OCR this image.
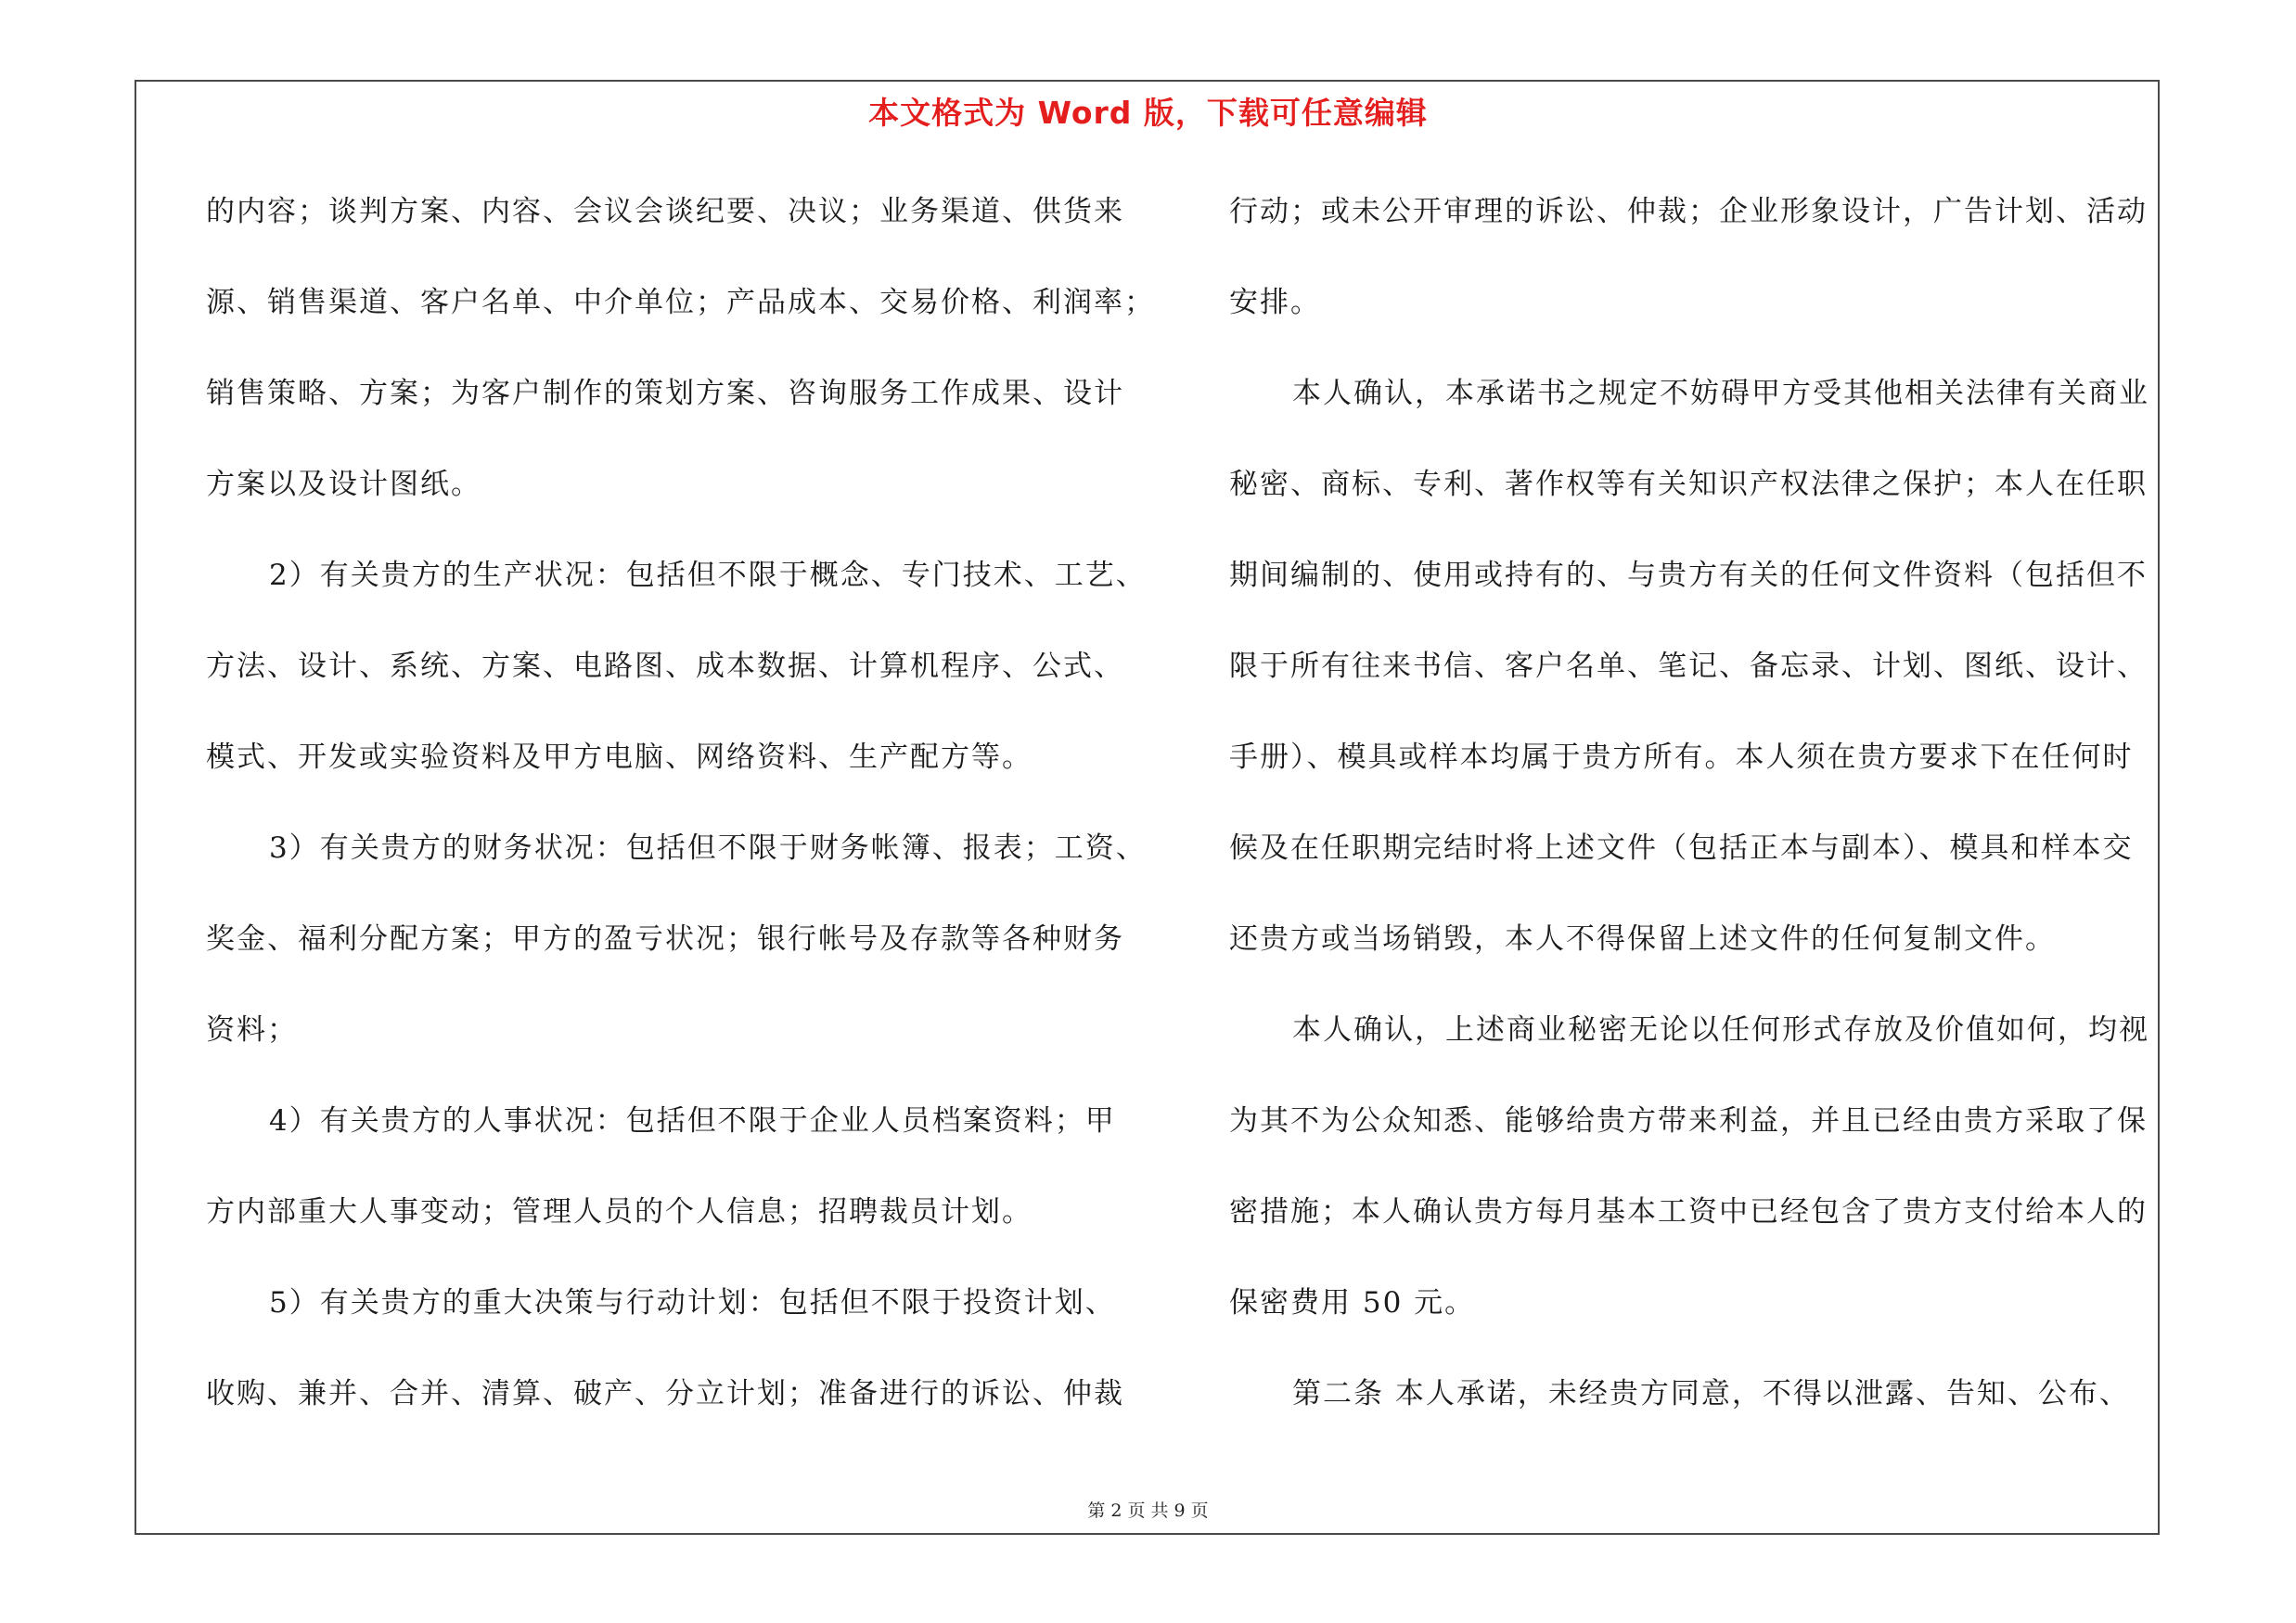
本文格式为 Word 版，下载可任意编辑
的内容；谈判方案、内容、会议会谈纪要、决议；业务渠道、供货来
源、销售渠道、客户名单、中介单位；产品成本、交易价格、利润率；
销售策略、方案；为客户制作的策划方案、咨询服务工作成果、设计
方案以及设计图纸。
2）有关贵方的生产状况：包括但不限于概念、专门技术、工艺、
方法、设计、系统、方案、电路图、成本数据、计算机程序、公式、
模式、开发或实验资料及甲方电脑、网络资料、生产配方等。
3）有关贵方的财务状况：包括但不限于财务帐簿、报表；工资、
奖金、福利分配方案；甲方的盈亏状况；银行帐号及存款等各种财务
资料；
4）有关贵方的人事状况：包括但不限于企业人员档案资料；甲
方内部重大人事变动；管理人员的个人信息；招聘裁员计划。
5）有关贵方的重大决策与行动计划：包括但不限于投资计划、
收购、兼并、合并、清算、破产、分立计划；准备进行的诉讼、仲裁
行动；或未公开审理的诉讼、仲裁；企业形象设计，广告计划、活动
安排。
本人确认，本承诺书之规定不妨碍甲方受其他相关法律有关商业
秘密、商标、专利、著作权等有关知识产权法律之保护；本人在任职
期间编制的、使用或持有的、与贵方有关的任何文件资料（包括但不
限于所有往来书信、客户名单、笔记、备忘录、计划、图纸、设计、
手册）、模具或样本均属于贵方所有。本人须在贵方要求下在任何时
候及在任职期完结时将上述文件（包括正本与副本）、模具和样本交
还贵方或当场销毁，本人不得保留上述文件的任何复制文件。
本人确认，上述商业秘密无论以任何形式存放及价值如何，均视
为其不为公众知悉、能够给贵方带来利益，并且已经由贵方采取了保
密措施；本人确认贵方每月基本工资中已经包含了贵方支付给本人的
保密费用 50 元。
第二条 本人承诺，未经贵方同意，不得以泄露、告知、公布、
第 2 页 共 9 页
